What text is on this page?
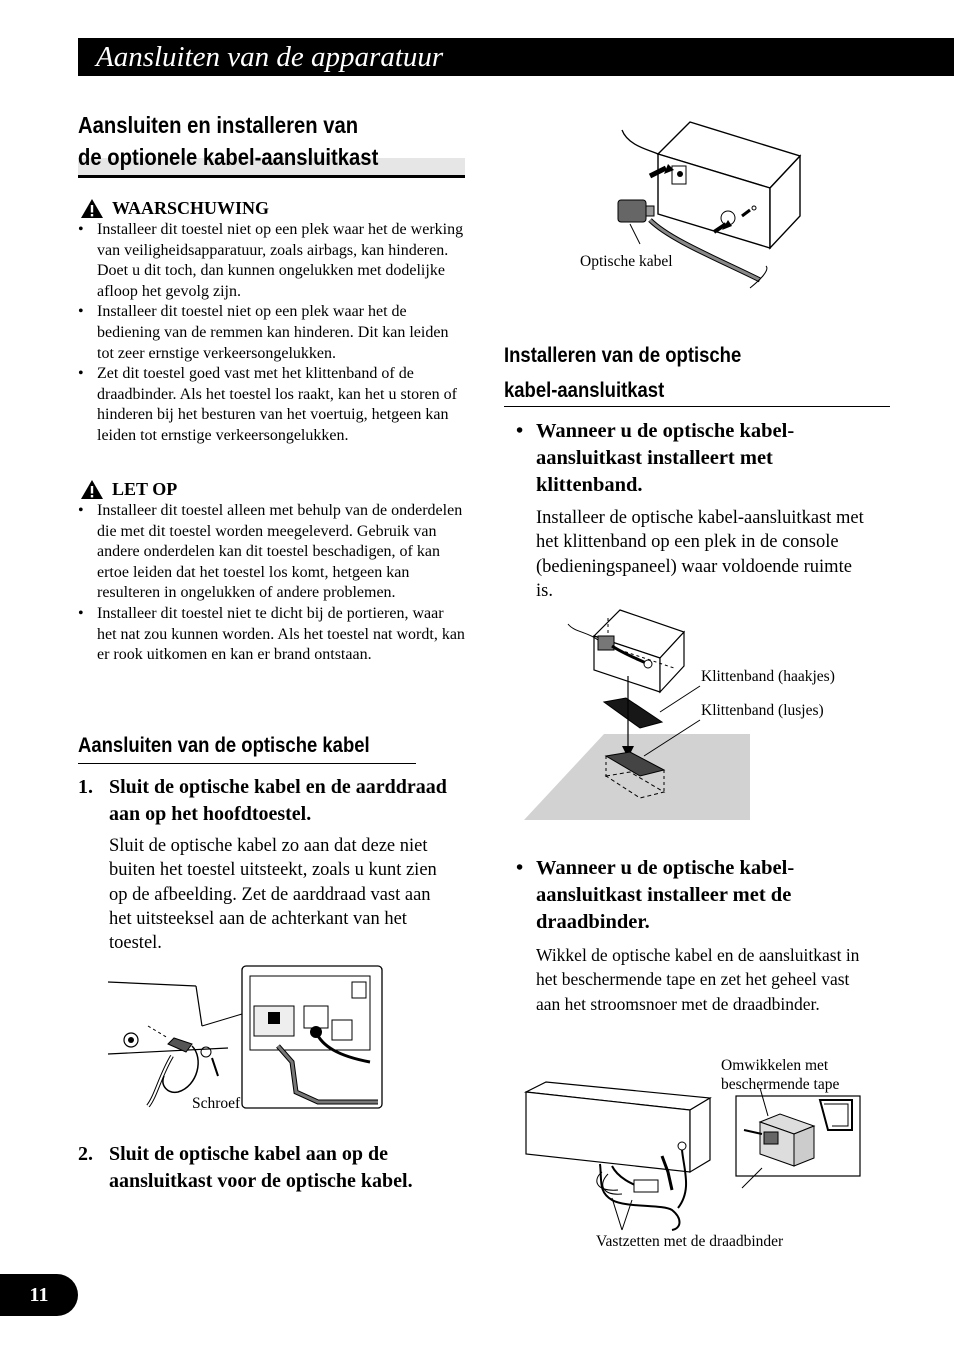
Aansluiten van de apparatuur
Aansluiten en installeren van
de optionele kabel-aansluitkast
WAARSCHUWING
• Installeer dit toestel niet op een plek waar het de werking van veiligheidsapparatuur, zoals airbags, kan hinderen. Doet u dit toch, dan kunnen ongelukken met dodelijke afloop het gevolg zijn.
• Installeer dit toestel niet op een plek waar het de bediening van de remmen kan hinderen. Dit kan leiden tot zeer ernstige verkeersongelukken.
• Zet dit toestel goed vast met het klittenband of de draadbinder. Als het toestel los raakt, kan het u storen of hinderen bij het besturen van het voertuig, hetgeen kan leiden tot ernstige verkeersongelukken.
LET OP
• Installeer dit toestel alleen met behulp van de onderdelen die met dit toestel worden meegeleverd. Gebruik van andere onderdelen kan dit toestel beschadigen, of kan ertoe leiden dat het toestel los komt, hetgeen kan resulteren in ongelukken of andere problemen.
• Installeer dit toestel niet te dicht bij de portieren, waar het nat zou kunnen worden. Als het toestel nat wordt, kan er rook uitkomen en kan er brand ontstaan.
Aansluiten van de optische kabel
1. Sluit de optische kabel en de aarddraad aan op het hoofdtoestel.
Sluit de optische kabel zo aan dat deze niet buiten het toestel uitsteekt, zoals u kunt zien op de afbeelding. Zet de aarddraad vast aan het uitsteeksel aan de achterkant van het toestel.
Schroef
2. Sluit de optische kabel aan op de aansluitkast voor de optische kabel.
Optische kabel
Installeren van de optische
kabel-aansluitkast
• Wanneer u de optische kabel-aansluitkast installeert met klittenband.
Installeer de optische kabel-aansluitkast met het klittenband op een plek in de console (bedieningspaneel) waar voldoende ruimte is.
Klittenband (haakjes)
Klittenband (lusjes)
• Wanneer u de optische kabel-aansluitkast installeer met de draadbinder.
Wikkel de optische kabel en de aansluitkast in het beschermende tape en zet het geheel vast aan het stroomsnoer met de draadbinder.
Omwikkelen met
beschermende tape
Vastzetten met de draadbinder
11
